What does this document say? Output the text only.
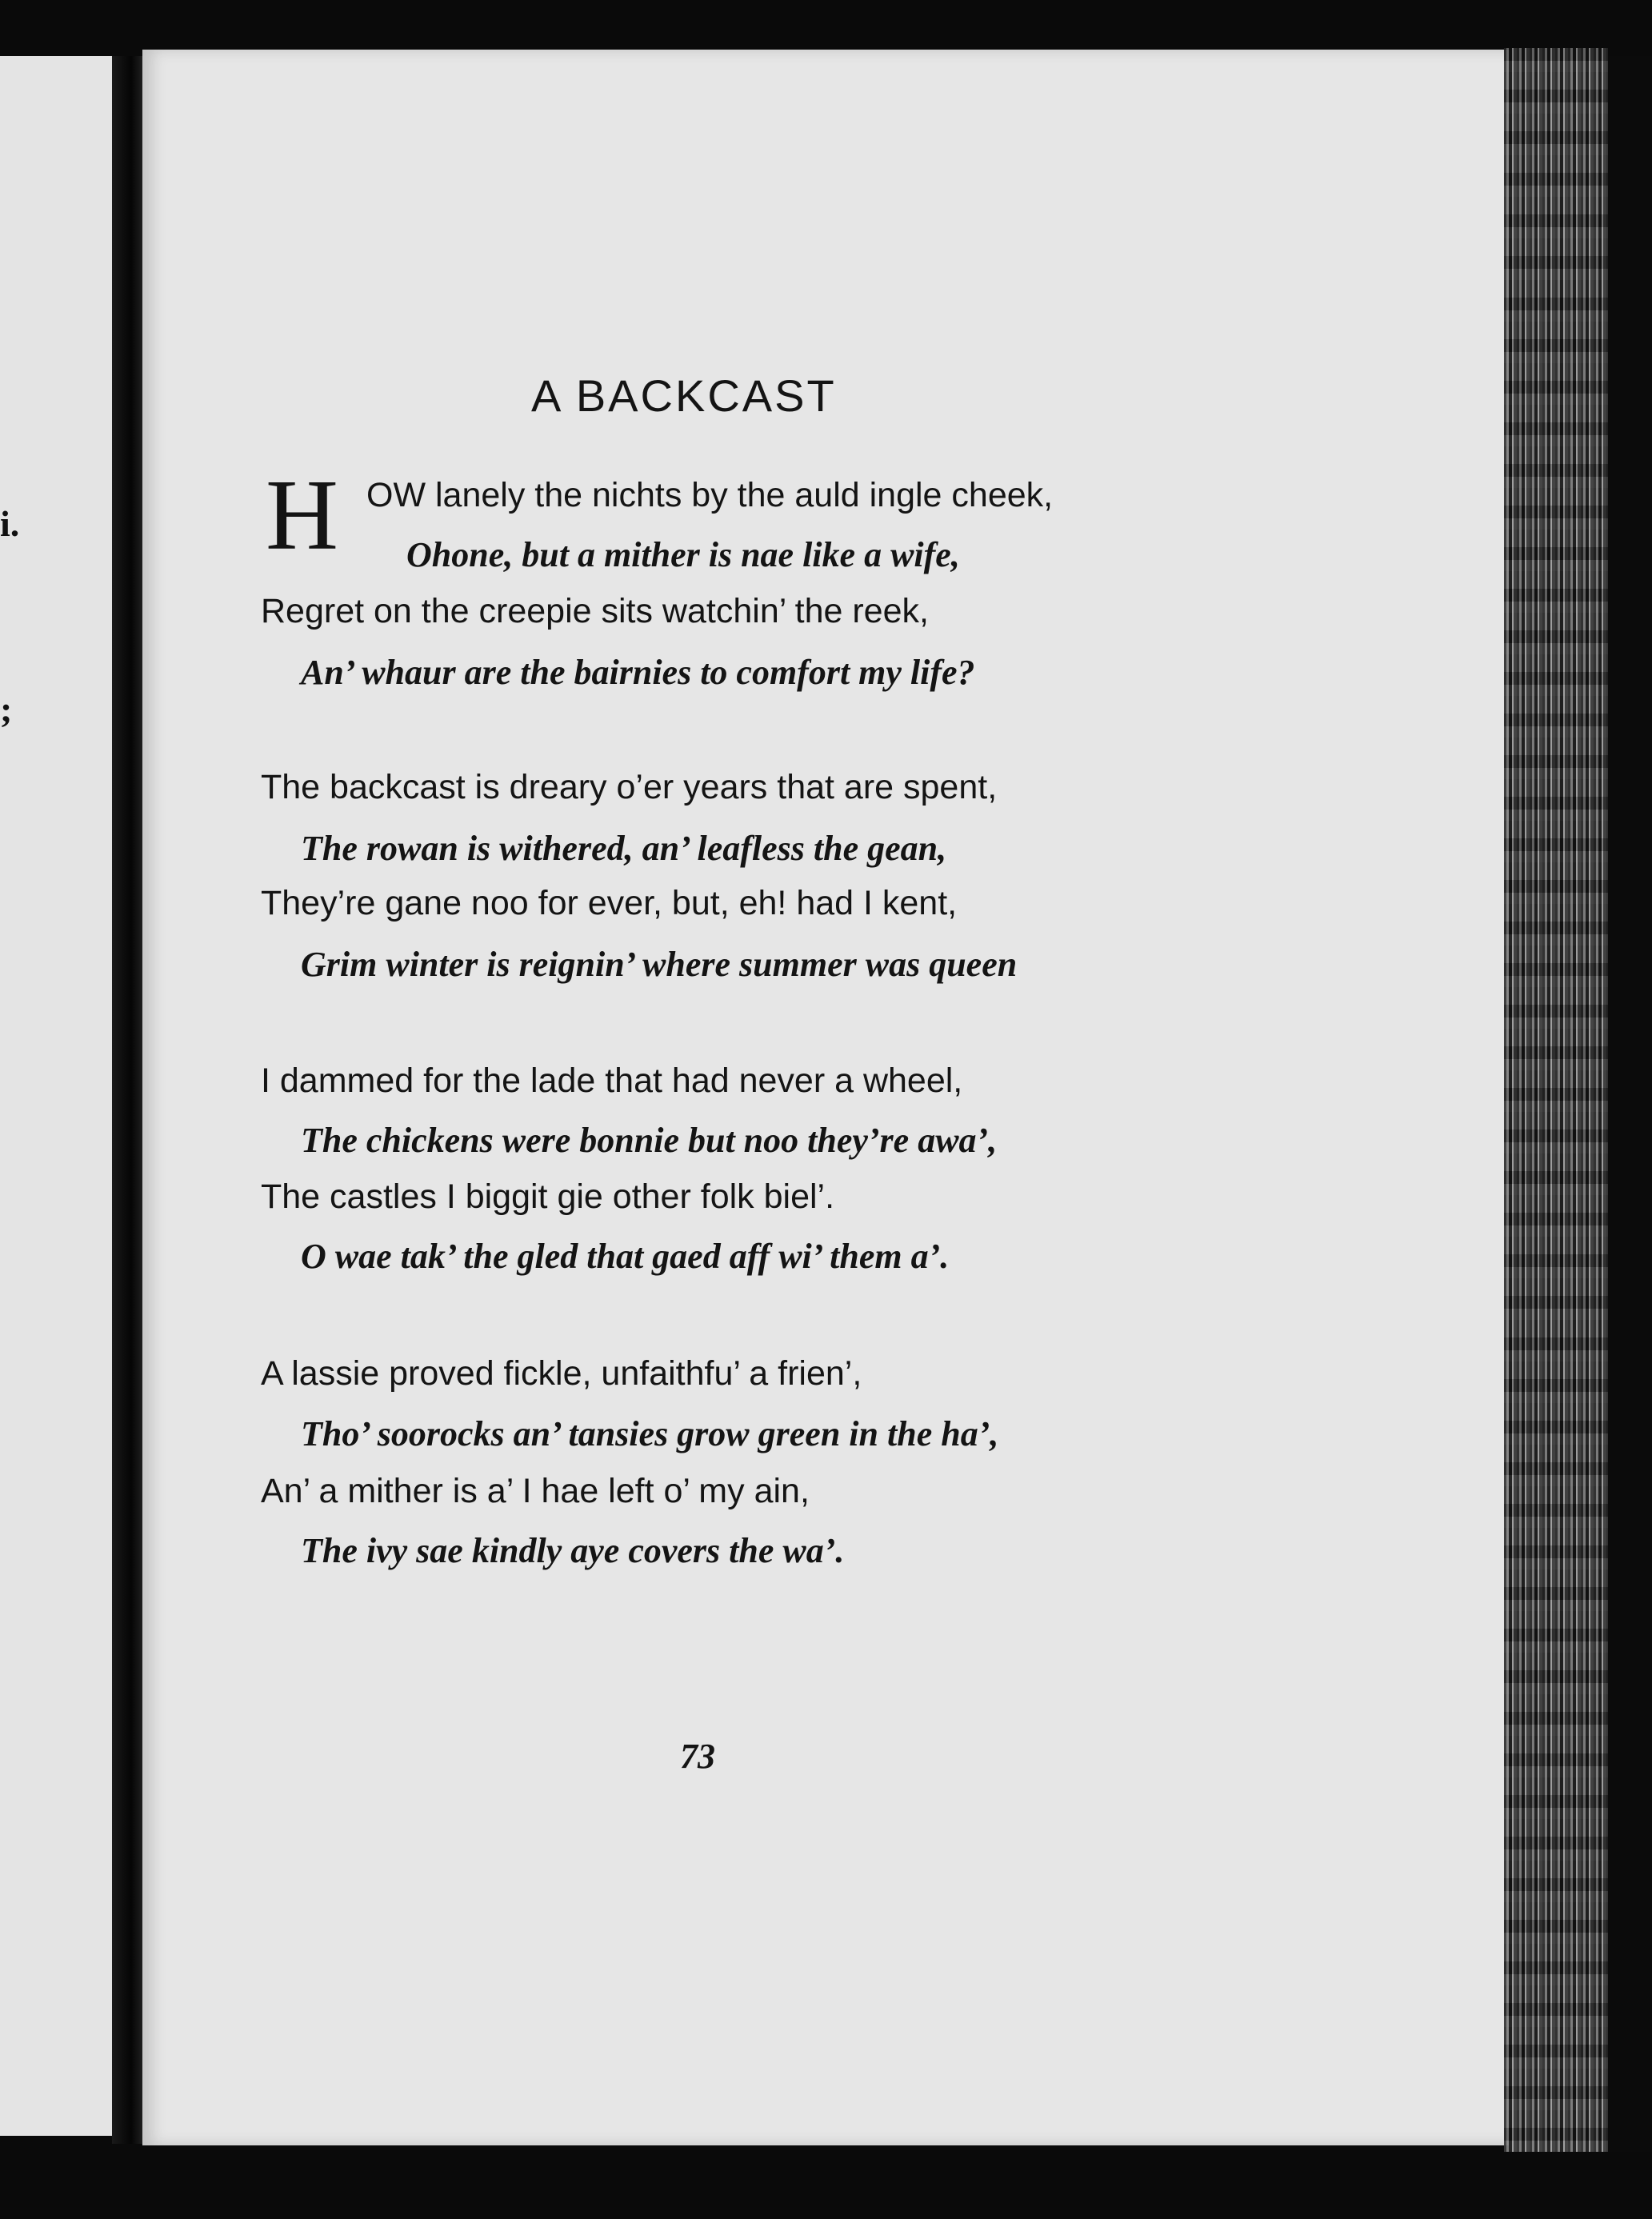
i.
;
A BACKCAST
H OW lanely the nichts by the auld ingle cheek,
Ohone, but a mither is nae like a wife,
Regret on the creepie sits watchin’ the reek,
An’ whaur are the bairnies to comfort my life?
The backcast is dreary o’er years that are spent,
The rowan is withered, an’ leafless the gean,
They’re gane noo for ever, but, eh! had I kent,
Grim winter is reignin’ where summer was queen
I dammed for the lade that had never a wheel,
The chickens were bonnie but noo they’re awa’,
The castles I biggit gie other folk biel’.
O wae tak’ the gled that gaed aff wi’ them a’.
A lassie proved fickle, unfaithfu’ a frien’,
Tho’ soorocks an’ tansies grow green in the ha’,
An’ a mither is a’ I hae left o’ my ain,
The ivy sae kindly aye covers the wa’.
73
